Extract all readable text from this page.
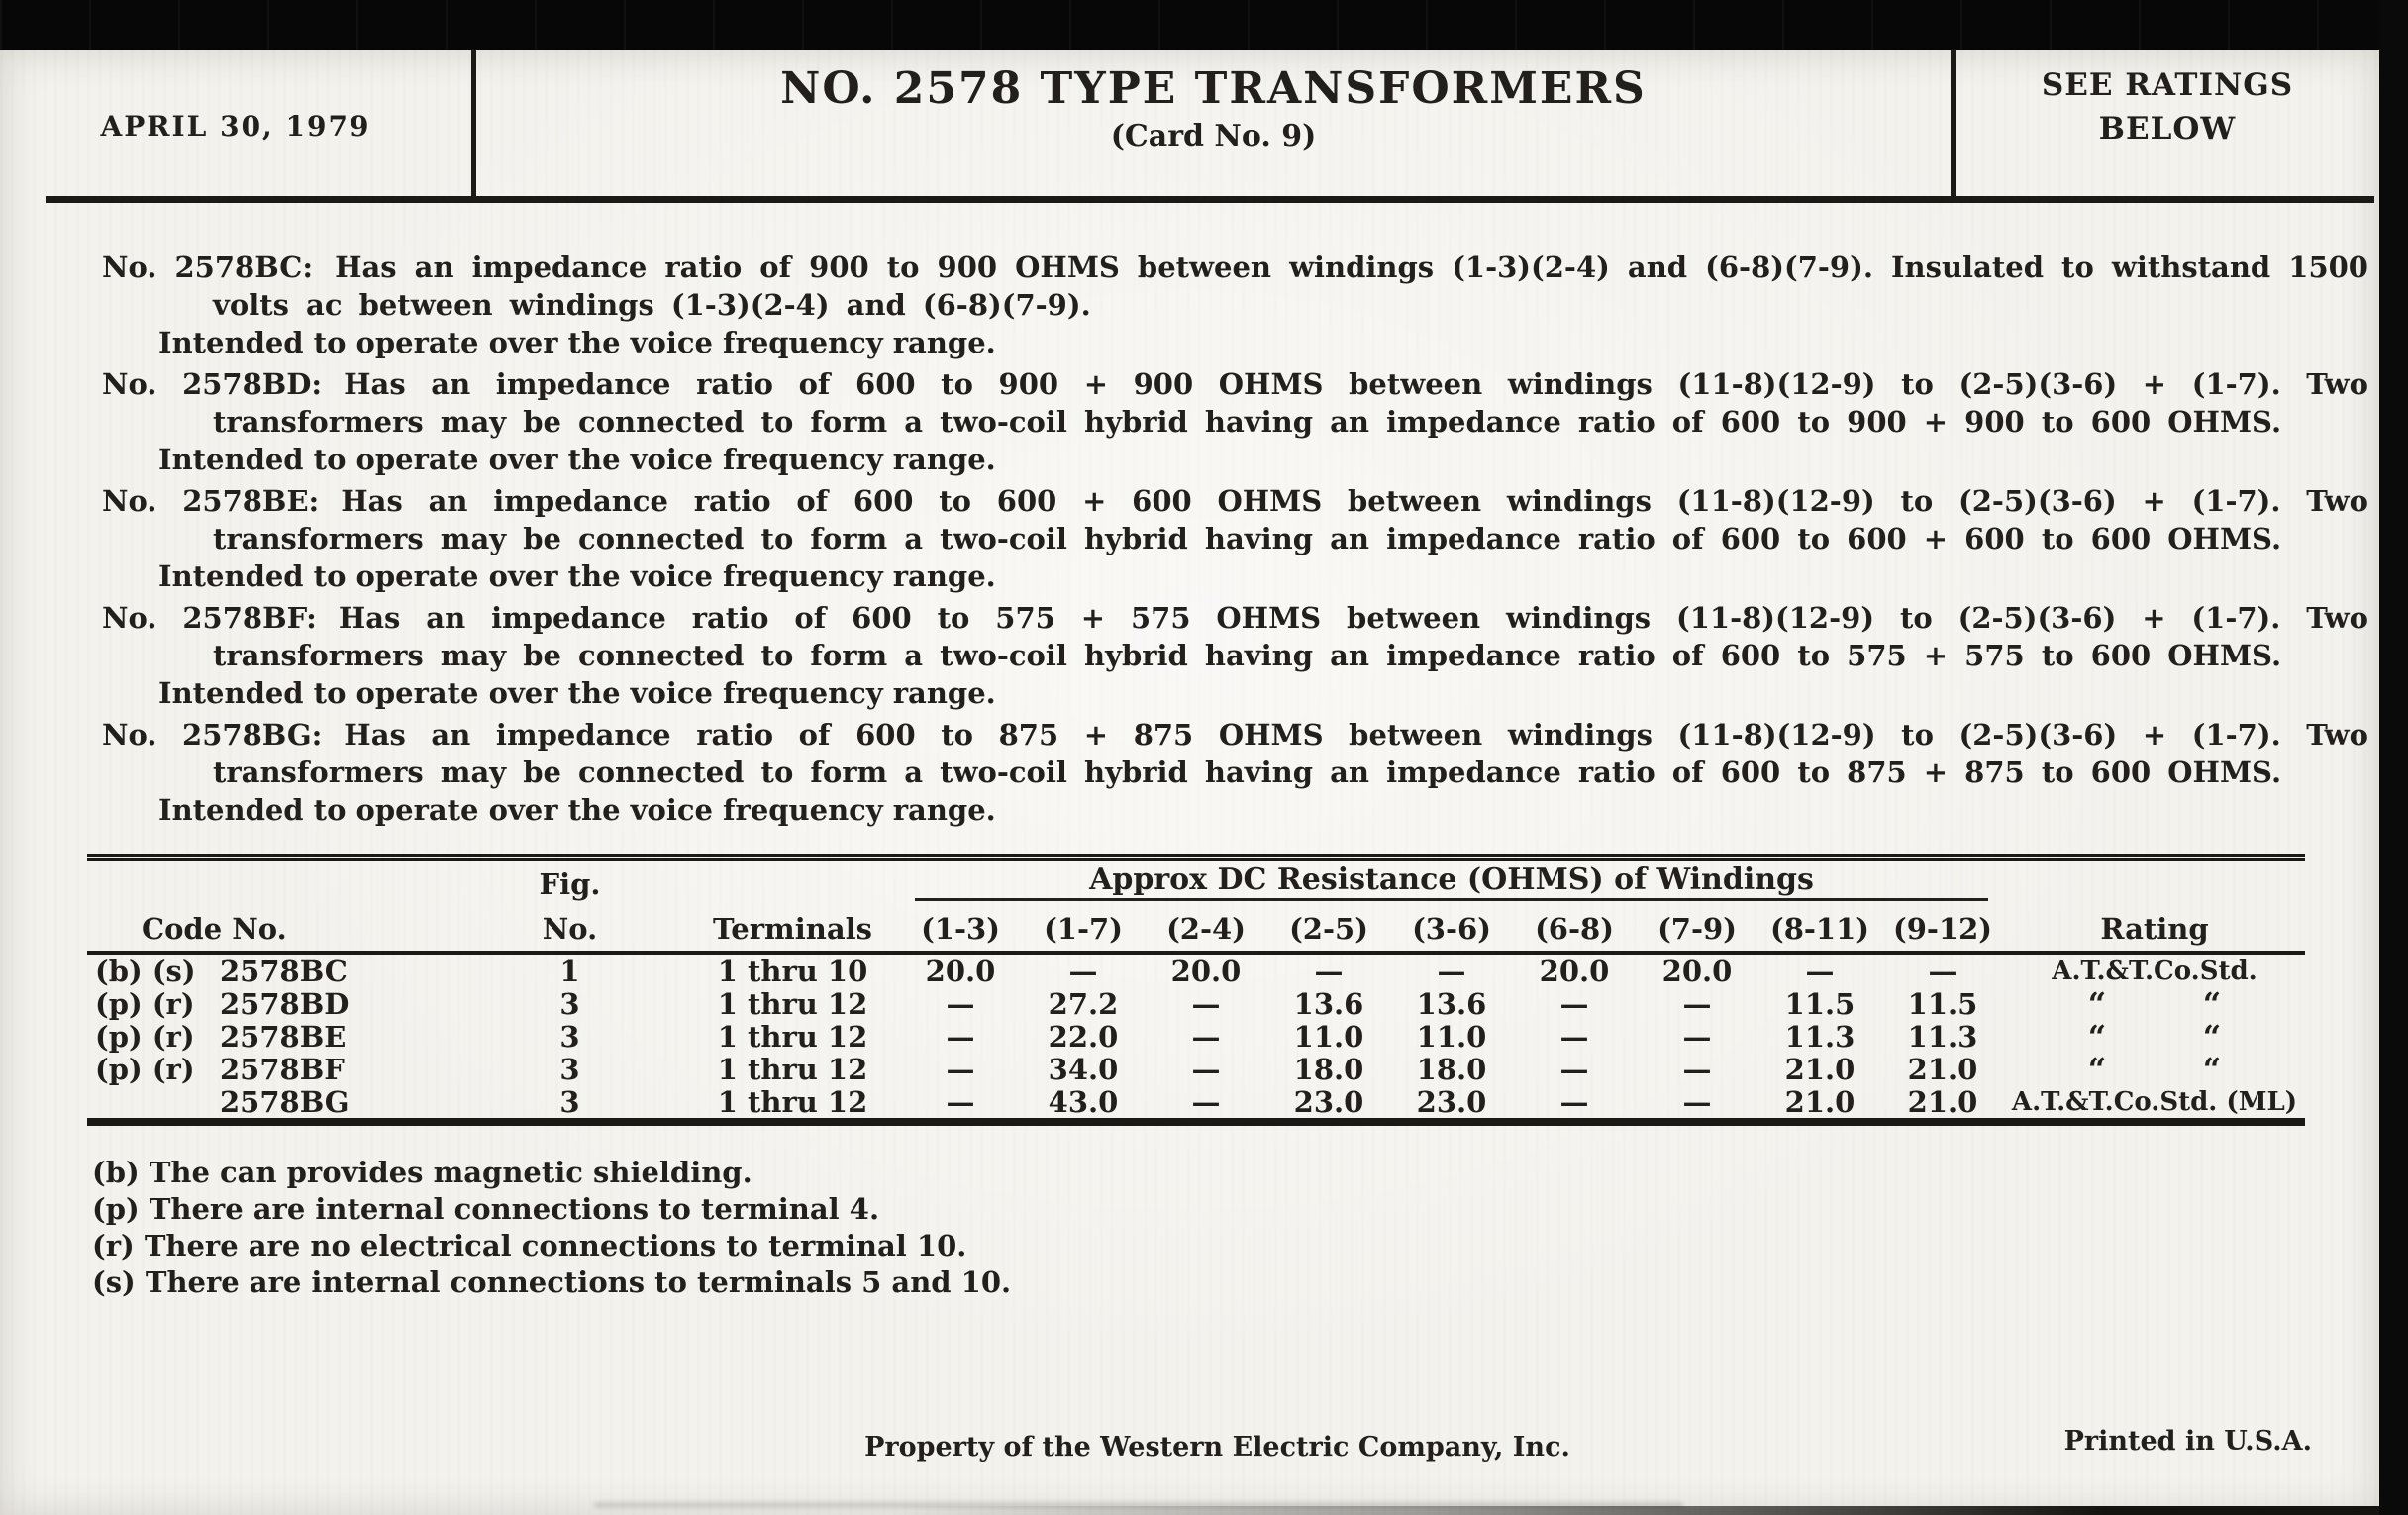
APRIL 30, 1979
NO. 2578 TYPE TRANSFORMERS
(Card No. 9)
SEE RATINGS
BELOW
No. 2578BC: Has an impedance ratio of 900 to 900 OHMS between windings (1-3)(2-4) and (6-8)(7-9). Insulated to withstand 1500 volts ac between windings (1-3)(2-4) and (6-8)(7-9).
Intended to operate over the voice frequency range.
No. 2578BD: Has an impedance ratio of 600 to 900 + 900 OHMS between windings (11-8)(12-9) to (2-5)(3-6) + (1-7). Two transformers may be connected to form a two-coil hybrid having an impedance ratio of 600 to 900 + 900 to 600 OHMS.
Intended to operate over the voice frequency range.
No. 2578BE: Has an impedance ratio of 600 to 600 + 600 OHMS between windings (11-8)(12-9) to (2-5)(3-6) + (1-7). Two transformers may be connected to form a two-coil hybrid having an impedance ratio of 600 to 600 + 600 to 600 OHMS.
Intended to operate over the voice frequency range.
No. 2578BF: Has an impedance ratio of 600 to 575 + 575 OHMS between windings (11-8)(12-9) to (2-5)(3-6) + (1-7). Two transformers may be connected to form a two-coil hybrid having an impedance ratio of 600 to 575 + 575 to 600 OHMS.
Intended to operate over the voice frequency range.
No. 2578BG: Has an impedance ratio of 600 to 875 + 875 OHMS between windings (11-8)(12-9) to (2-5)(3-6) + (1-7). Two transformers may be connected to form a two-coil hybrid having an impedance ratio of 600 to 875 + 875 to 600 OHMS.
Intended to operate over the voice frequency range.
Approx DC Resistance (OHMS) of Windings
Fig.
Code No.	No.	Terminals	Rating
(1-3)	(1-7)	(2-4)	(2-5)	(3-6)	(6-8)	(7-9)	(8-11) (9-12)
(b) (s) 2578BC	1	1 thru 10	20.0	—	20.0	—	—	20.0	20.0	—	—	A.T.&T.Co.Std.
(p) (r) 2578BD	3	1 thru 12	—	27.2	—	13.6	13.6	—	—	11.5	11.5	“	“
(p) (r) 2578BE	3	1 thru 12	—	22.0	—	11.0	11.0	—	—	11.3	11.3	“	“
(p) (r) 2578BF	3	1 thru 12	—	34.0	—	18.0	18.0	—	—	21.0	21.0	“	“
2578BG	3	1 thru 12	—	43.0	—	23.0	23.0	—	—	21.0	21.0	A.T.&T.Co.Std. (ML)
(b) The can provides magnetic shielding.
(p) There are internal connections to terminal 4.
(r) There are no electrical connections to terminal 10.
(s) There are internal connections to terminals 5 and 10.
Property of the Western Electric Company, Inc.	Printed in U.S.A.
